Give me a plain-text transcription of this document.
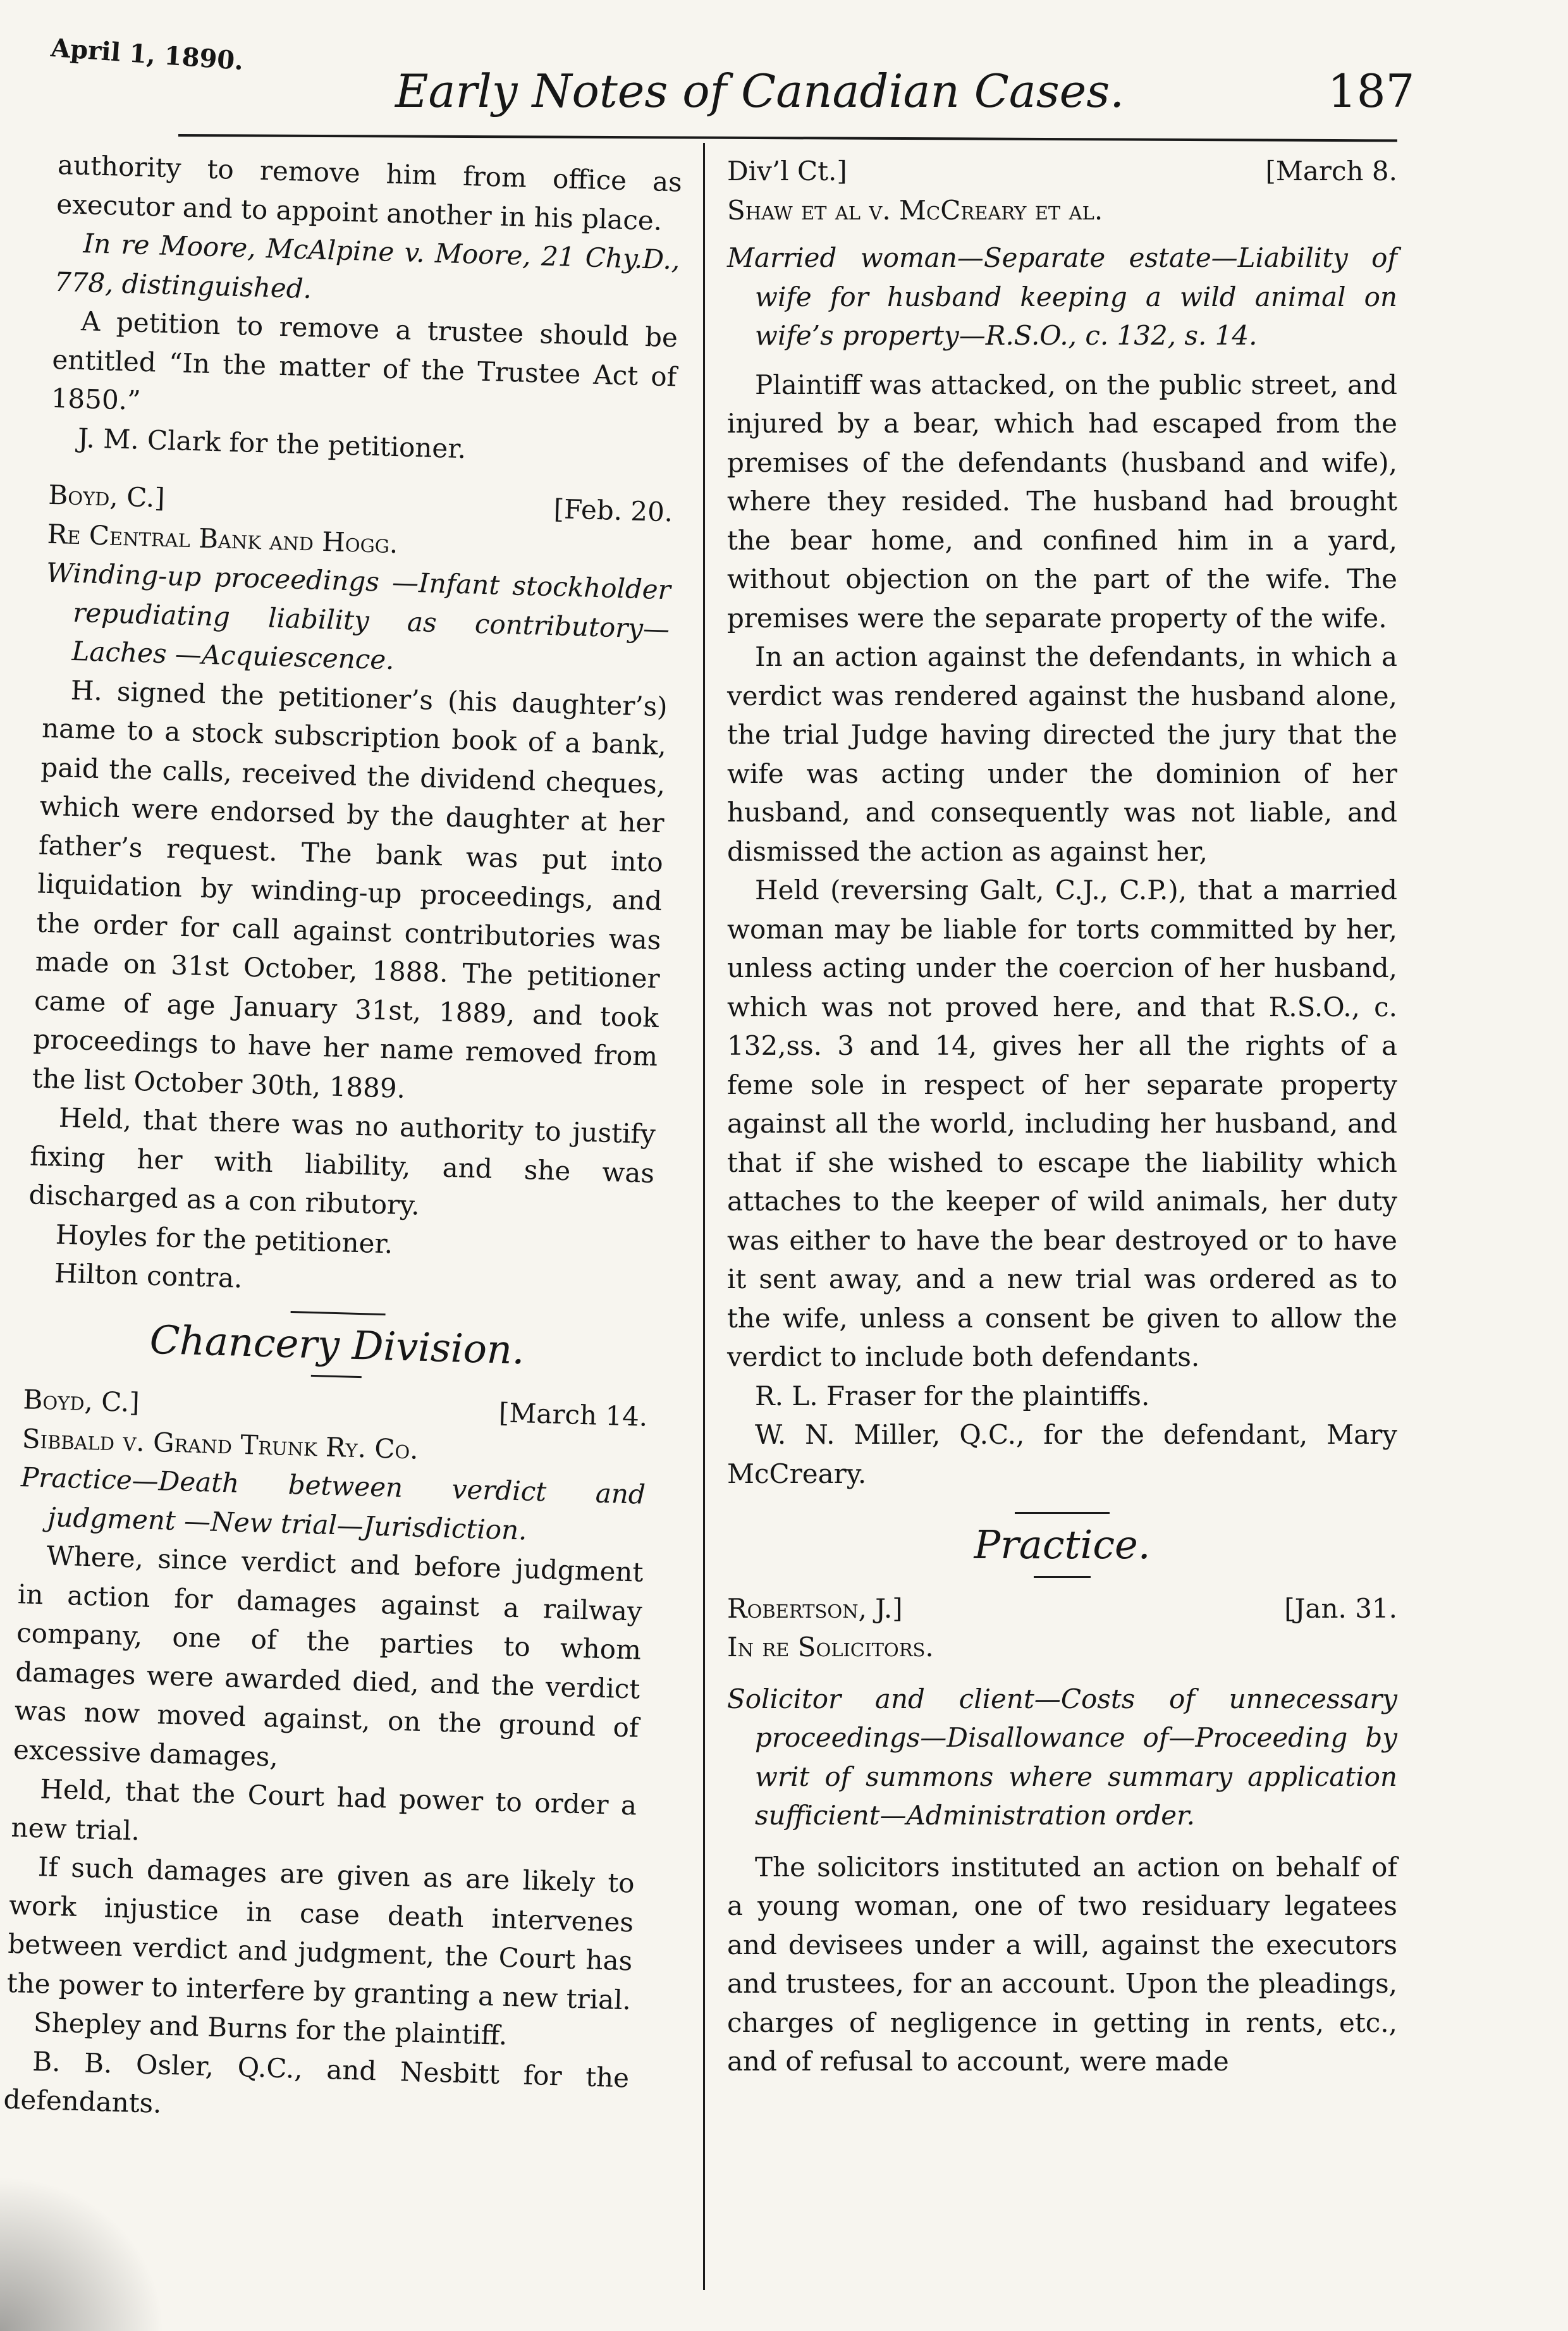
April 1, 1890.
Early Notes of Canadian Cases.	187

authority to remove him from office as executor and to appoint another in his place.

In re Moore, McAlpine v. Moore, 21 Chy.D., 778, distinguished.

A petition to remove a trustee should be entitled “In the matter of the Trustee Act of 1850.”

J. M. Clark for the petitioner.

Boyd, C.]	[Feb. 20.

Re Central Bank and Hogg.

Winding-up proceedings —Infant stockholder repudiating liability as contributory—Laches —Acquiescence.

H. signed the petitioner’s (his daughter’s) name to a stock subscription book of a bank, paid the calls, received the dividend cheques, which were endorsed by the daughter at her father’s request. The bank was put into liquidation by winding-up proceedings, and the order for call against contributories was made on 31st October, 1888. The petitioner came of age January 31st, 1889, and took proceedings to have her name removed from the list October 30th, 1889.

Held, that there was no authority to justify fixing her with liability, and she was discharged as a con ributory.

Hoyles for the petitioner.

Hilton contra.

Chancery Division.
Boyd, C.]	[March 14.

Sibbald v. Grand Trunk Ry. Co.

Practice—Death between verdict and judgment —New trial—Jurisdiction.

Where, since verdict and before judgment in action for damages against a railway company, one of the parties to whom damages were awarded died, and the verdict was now moved against, on the ground of excessive damages,

Held, that the Court had power to order a new trial.

If such damages are given as are likely to work injustice in case death intervenes between verdict and judgment, the Court has the power to interfere by granting a new trial.

Shepley and Burns for the plaintiff.

B. B. Osler, Q.C., and Nesbitt for the defendants.

Div’l Ct.]	[March 8.

Shaw et al v. McCreary et al.

Married woman—Separate estate—Liability of wife for husband keeping a wild animal on wife’s property—R.S.O., c. 132, s. 14.

Plaintiff was attacked, on the public street, and injured by a bear, which had escaped from the premises of the defendants (husband and wife), where they resided. The husband had brought the bear home, and confined him in a yard, without objection on the part of the wife. The premises were the separate property of the wife.

In an action against the defendants, in which a verdict was rendered against the husband alone, the trial Judge having directed the jury that the wife was acting under the dominion of her husband, and consequently was not liable, and dismissed the action as against her,

Held (reversing Galt, C.J., C.P.), that a married woman may be liable for torts committed by her, unless acting under the coercion of her husband, which was not proved here, and that R.S.O., c. 132,ss. 3 and 14, gives her all the rights of a feme sole in respect of her separate property against all the world, including her husband, and that if she wished to escape the liability which attaches to the keeper of wild animals, her duty was either to have the bear destroyed or to have it sent away, and a new trial was ordered as to the wife, unless a consent be given to allow the verdict to include both defendants.

R. L. Fraser for the plaintiffs.

W. N. Miller, Q.C., for the defendant, Mary McCreary.

Practice.
Robertson, J.]	[Jan. 31.

In re Solicitors.

Solicitor and client—Costs of unnecessary proceedings—Disallowance of—Proceeding by writ of summons where summary application sufficient—Administration order.

The solicitors instituted an action on behalf of a young woman, one of two residuary legatees and devisees under a will, against the executors and trustees, for an account. Upon the pleadings, charges of negligence in getting in rents, etc., and of refusal to account, were made
